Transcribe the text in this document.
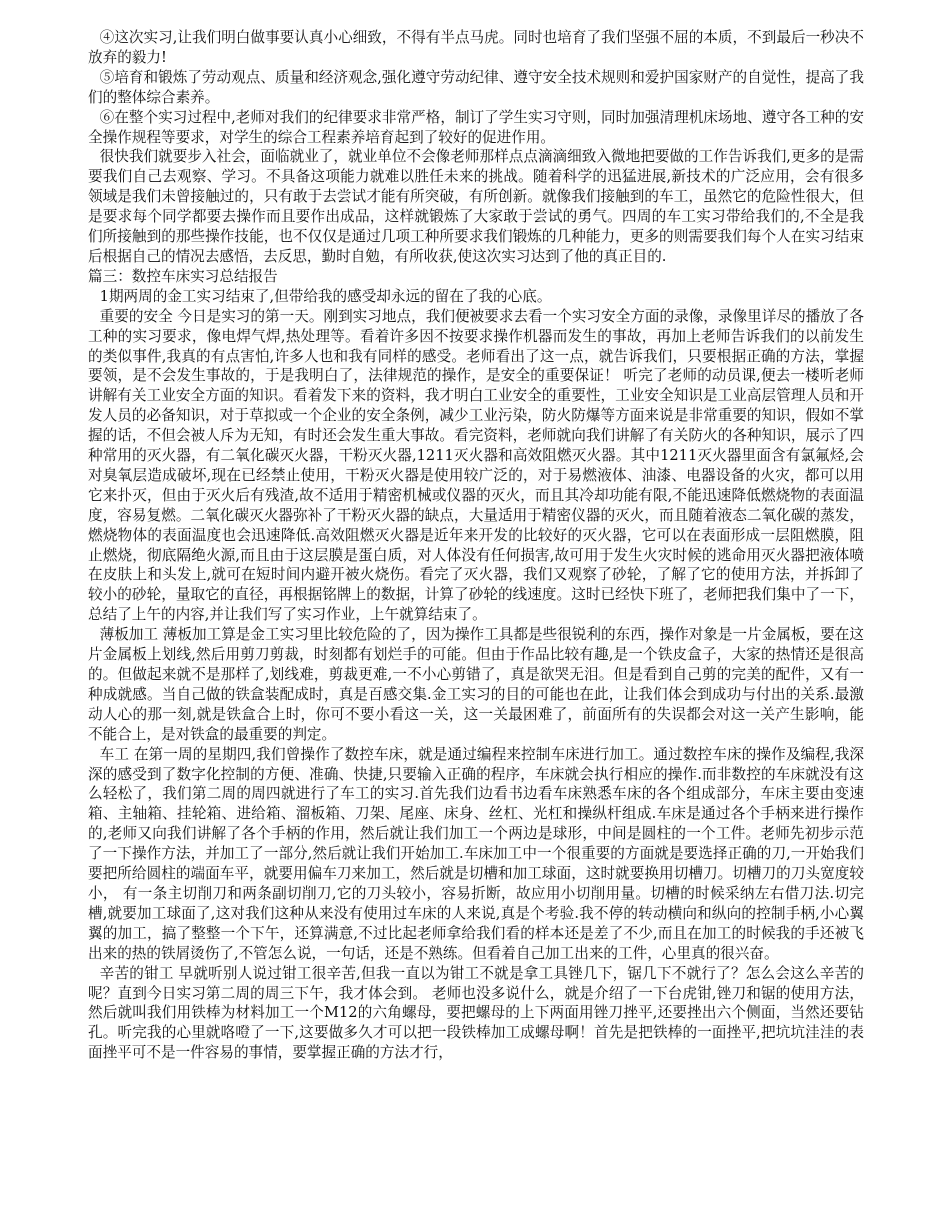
④这次实习,让我们明白做事要认真小心细致，不得有半点马虎。同时也培育了我们坚强不屈的本质，不到最后一秒决不放弃的毅力!

⑤培育和锻炼了劳动观点、质量和经济观念,强化遵守劳动纪律、遵守安全技术规则和爱护国家财产的自觉性，提高了我们的整体综合素养。

⑥在整个实习过程中,老师对我们的纪律要求非常严格，制订了学生实习守则，同时加强清理机床场地、遵守各工种的安全操作规程等要求，对学生的综合工程素养培育起到了较好的促进作用。

很快我们就要步入社会，面临就业了，就业单位不会像老师那样点点滴滴细致入微地把要做的工作告诉我们,更多的是需要我们自己去观察、学习。不具备这项能力就难以胜任未来的挑战。随着科学的迅猛进展,新技术的广泛应用，会有很多领域是我们未曾接触过的，只有敢于去尝试才能有所突破，有所创新。就像我们接触到的车工，虽然它的危险性很大，但是要求每个同学都要去操作而且要作出成品，这样就锻炼了大家敢于尝试的勇气。四周的车工实习带给我们的,不全是我们所接触到的那些操作技能，也不仅仅是通过几项工种所要求我们锻炼的几种能力，更多的则需要我们每个人在实习结束后根据自己的情况去感悟，去反思，勤时自勉，有所收获,使这次实习达到了他的真正目的.

篇三：数控车床实习总结报告

1期两周的金工实习结束了,但带给我的感受却永远的留在了我的心底。

重要的安全 今日是实习的第一天。刚到实习地点，我们便被要求去看一个实习安全方面的录像，录像里详尽的播放了各工种的实习要求，像电焊气焊,热处理等。看着许多因不按要求操作机器而发生的事故，再加上老师告诉我们的以前发生的类似事件,我真的有点害怕,许多人也和我有同样的感受。老师看出了这一点，就告诉我们，只要根据正确的方法，掌握要领，是不会发生事故的，于是我明白了，法律规范的操作，是安全的重要保证！ 听完了老师的动员课,便去一楼听老师讲解有关工业安全方面的知识。看着发下来的资料，我才明白工业安全的重要性，工业安全知识是工业高层管理人员和开发人员的必备知识，对于草拟或一个企业的安全条例，减少工业污染，防火防爆等方面来说是非常重要的知识，假如不掌握的话，不但会被人斥为无知，有时还会发生重大事故。看完资料，老师就向我们讲解了有关防火的各种知识，展示了四种常用的灭火器，有二氧化碳灭火器，干粉灭火器,1211灭火器和高效阻燃灭火器。其中1211灭火器里面含有氯氟烃,会对臭氧层造成破坏,现在已经禁止使用，干粉灭火器是使用较广泛的，对于易燃液体、油漆、电器设备的火灾，都可以用它来扑灭，但由于灭火后有残渣,故不适用于精密机械或仪器的灭火，而且其冷却功能有限,不能迅速降低燃烧物的表面温度，容易复燃。二氧化碳灭火器弥补了干粉灭火器的缺点，大量适用于精密仪器的灭火，而且随着液态二氧化碳的蒸发，燃烧物体的表面温度也会迅速降低.高效阻燃灭火器是近年来开发的比较好的灭火器，它可以在表面形成一层阻燃膜，阻止燃烧，彻底隔绝火源,而且由于这层膜是蛋白质，对人体没有任何损害,故可用于发生火灾时候的逃命用灭火器把液体喷在皮肤上和头发上,就可在短时间内避开被火烧伤。看完了灭火器，我们又观察了砂轮，了解了它的使用方法，并拆卸了较小的砂轮，量取它的直径，再根据铭牌上的数据，计算了砂轮的线速度。这时已经快下班了，老师把我们集中了一下，总结了上午的内容,并让我们写了实习作业，上午就算结束了。

薄板加工 薄板加工算是金工实习里比较危险的了，因为操作工具都是些很锐利的东西，操作对象是一片金属板，要在这片金属板上划线,然后用剪刀剪裁，时刻都有划烂手的可能。但由于作品比较有趣,是一个铁皮盒子，大家的热情还是很高的。但做起来就不是那样了,划线难，剪裁更难,一不小心剪错了，真是欲哭无泪。但是看到自己剪的完美的配件，又有一种成就感。当自己做的铁盒装配成时，真是百感交集.金工实习的目的可能也在此，让我们体会到成功与付出的关系.最激动人心的那一刻,就是铁盒合上时，你可不要小看这一关，这一关最困难了，前面所有的失误都会对这一关产生影响，能不能合上，是对铁盒的最重要的判定。

车工 在第一周的星期四,我们曾操作了数控车床，就是通过编程来控制车床进行加工。通过数控车床的操作及编程,我深深的感受到了数字化控制的方便、准确、快捷,只要输入正确的程序，车床就会执行相应的操作.而非数控的车床就没有这么轻松了，我们第二周的周四就进行了车工的实习.首先我们边看书边看车床熟悉车床的各个组成部分，车床主要由变速箱、主轴箱、挂轮箱、进给箱、溜板箱、刀架、尾座、床身、丝杠、光杠和操纵杆组成.车床是通过各个手柄来进行操作的,老师又向我们讲解了各个手柄的作用，然后就让我们加工一个两边是球形，中间是圆柱的一个工件。老师先初步示范了一下操作方法，并加工了一部分,然后就让我们开始加工.车床加工中一个很重要的方面就是要选择正确的刀,一开始我们要把所给圆柱的端面车平，就要用偏车刀来加工，然后就是切槽和加工球面，这时就要换用切槽刀。切槽刀的刀头宽度较小， 有一条主切削刀和两条副切削刀,它的刀头较小，容易折断，故应用小切削用量。切槽的时候采纳左右借刀法.切完槽,就要加工球面了,这对我们这种从来没有使用过车床的人来说,真是个考验.我不停的转动横向和纵向的控制手柄,小心翼翼的加工，搞了整整一个下午，还算满意,不过比起老师拿给我们看的样本还是差了不少,而且在加工的时候我的手还被飞出来的热的铁屑烫伤了,不管怎么说，一句话，还是不熟练。但看着自己加工出来的工件，心里真的很兴奋。

辛苦的钳工 早就听别人说过钳工很辛苦,但我一直以为钳工不就是拿工具锉几下，锯几下不就行了？怎么会这么辛苦的呢？直到今日实习第二周的周三下午，我才体会到。 老师也没多说什么，就是介绍了一下台虎钳,锉刀和锯的使用方法，然后就叫我们用铁棒为材料加工一个M12的六角螺母，要把螺母的上下两面用锉刀挫平,还要挫出六个侧面，当然还要钻孔。听完我的心里就咯噔了一下,这要做多久才可以把一段铁棒加工成螺母啊！首先是把铁棒的一面挫平,把坑坑洼洼的表面挫平可不是一件容易的事情，要掌握正确的方法才行，
